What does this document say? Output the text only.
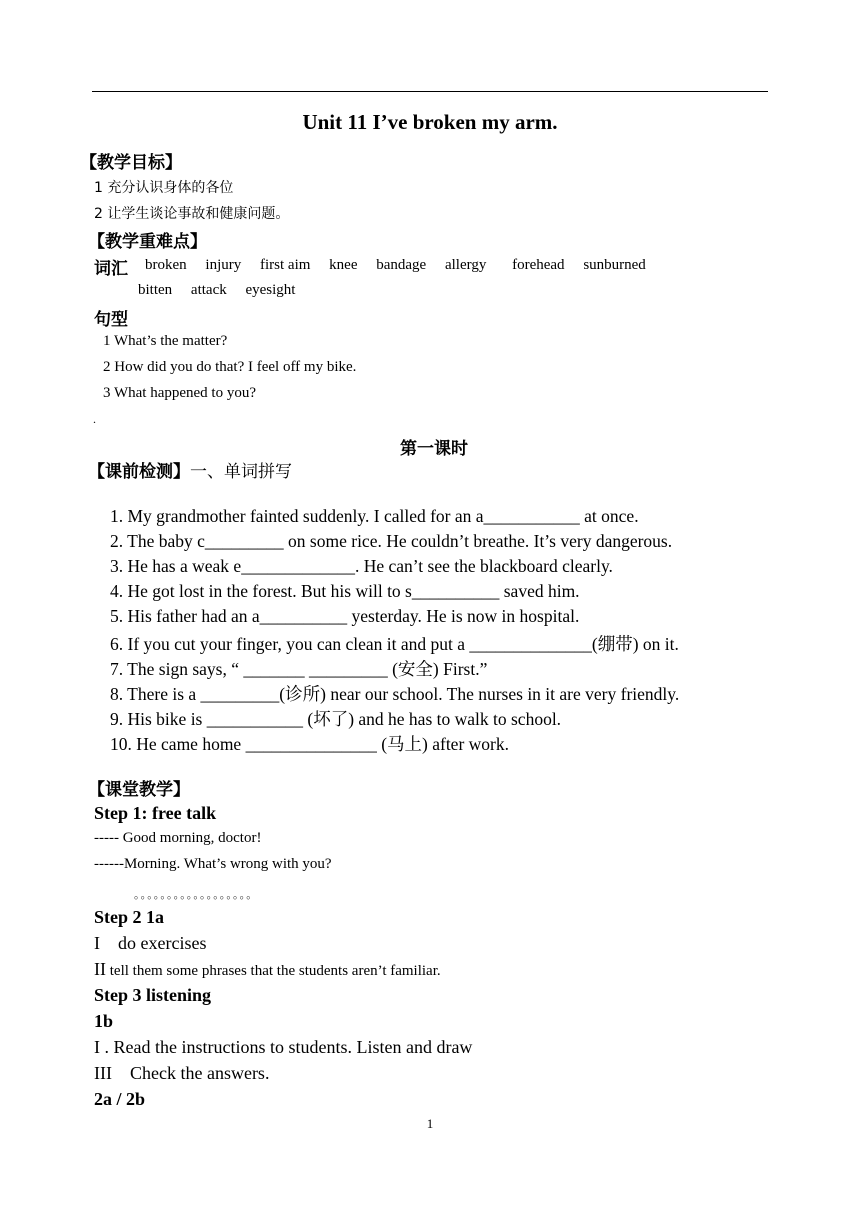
Unit 11 I’ve broken my arm.
【教学目标】
1 充分认识身体的各位
2 让学生谈论事故和健康问题。
【教学重难点】
词汇 broken injury first aim knee bandage allergy forehead sunburned
bitten attack eyesight
句型
1 What’s the matter?
2 How did you do that? I feel off my bike.
3 What happened to you?
.
第一课时
【课前检测】一、单词拼写
1. My grandmother fainted suddenly. I called for an a___________ at once.
2. The baby c_________ on some rice. He couldn’t breathe. It’s very dangerous.
3. He has a weak e_____________. He can’t see the blackboard clearly.
4. He got lost in the forest. But his will to s__________ saved him.
5. His father had an a__________ yesterday. He is now in hospital.
6. If you cut your finger, you can clean it and put a ______________(绷带) on it.
7. The sign says, “ _______ _________ (安全) First.”
8. There is a _________(诊所) near our school. The nurses in it are very friendly.
9. His bike is ___________ (坏了) and he has to walk to school.
10. He came home _______________ (马上) after work.
【课堂教学】
Step 1: free talk
----- Good morning, doctor!
------Morning. What’s wrong with you?
。。。。。。。。。。。。。。。。。。
Step 2 1a
I    do exercises
II tell them some phrases that the students aren’t familiar.
Step 3 listening
1b
I . Read the instructions to students. Listen and draw
III    Check the answers.
2a / 2b
1
